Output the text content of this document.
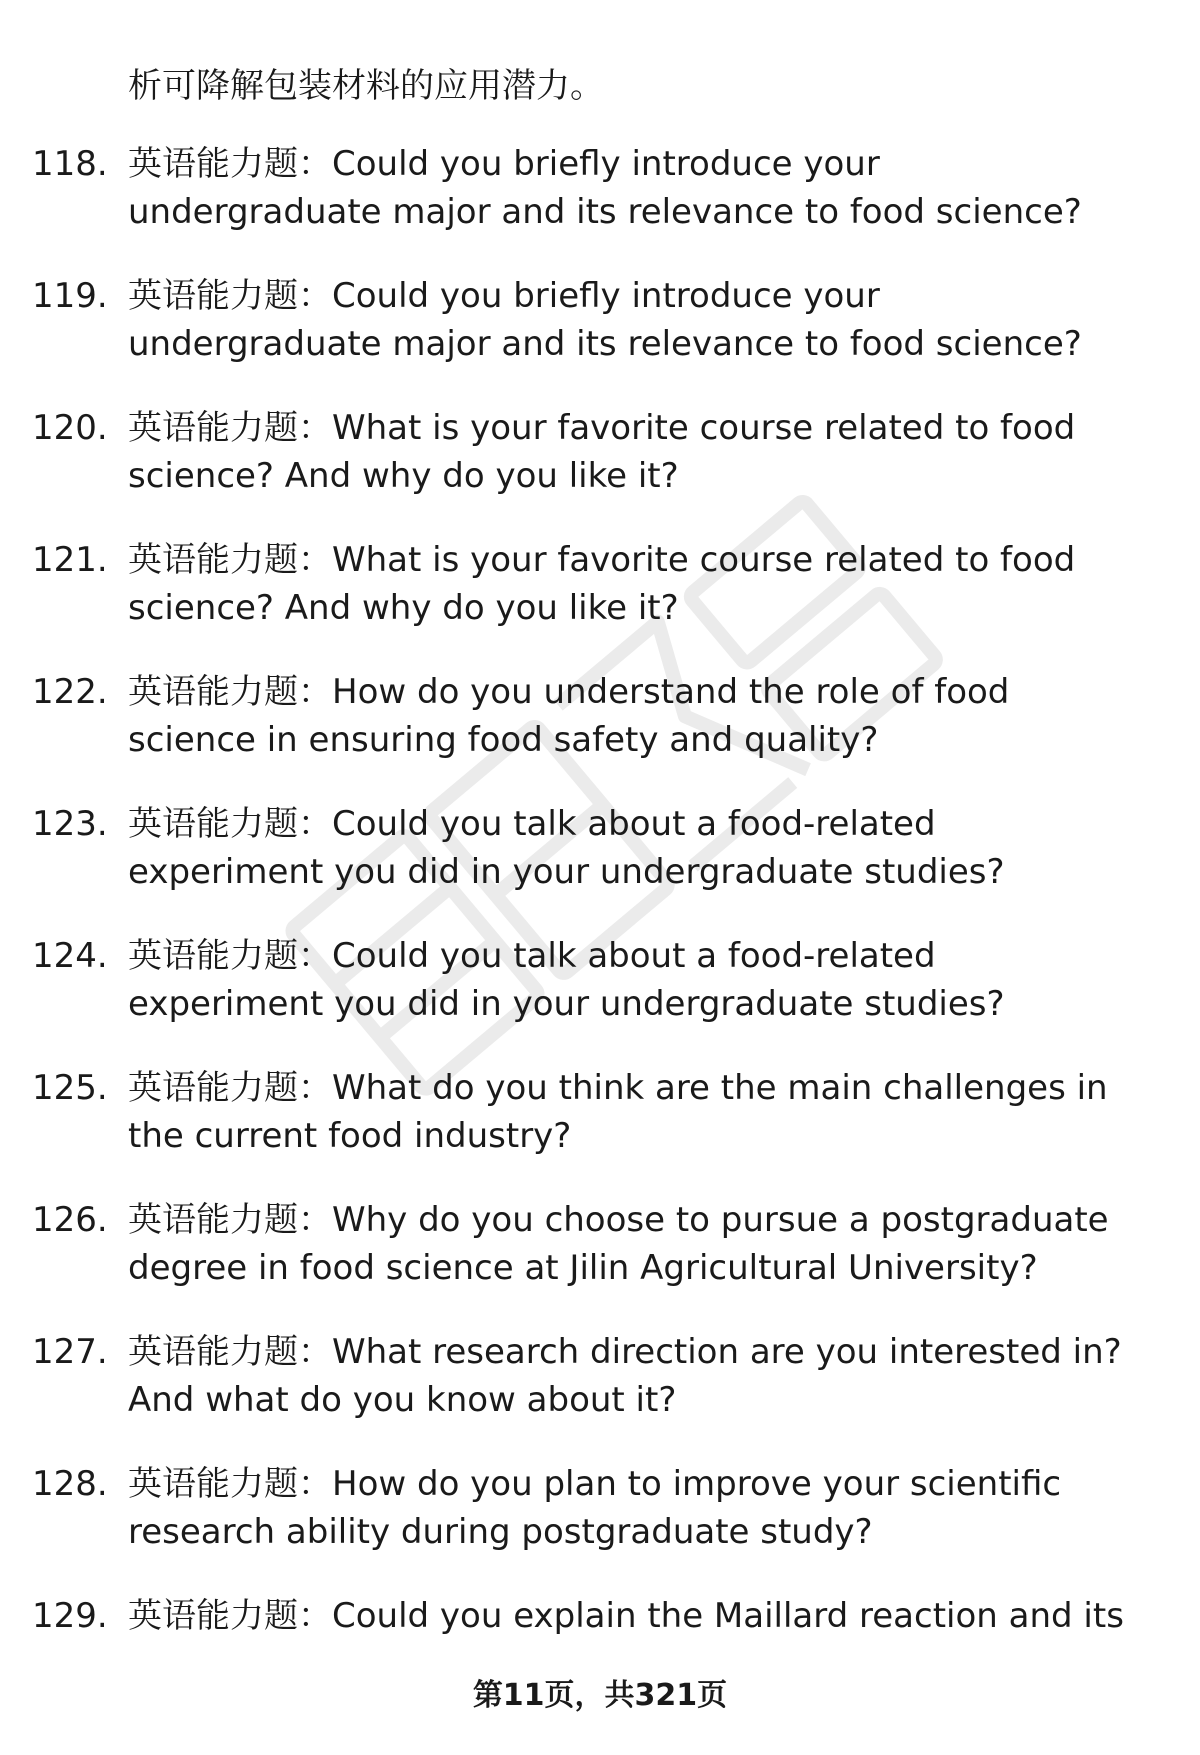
析可降解包装材料的应用潜力。
118. 英语能力题：Could you briefly introduce your
undergraduate major and its relevance to food science?
119. 英语能力题：Could you briefly introduce your
undergraduate major and its relevance to food science?
120. 英语能力题：What is your favorite course related to food
science? And why do you like it?
121. 英语能力题：What is your favorite course related to food
science? And why do you like it?
122. 英语能力题：How do you understand the role of food
science in ensuring food safety and quality?
123. 英语能力题：Could you talk about a food-related
experiment you did in your undergraduate studies?
124. 英语能力题：Could you talk about a food-related
experiment you did in your undergraduate studies?
125. 英语能力题：What do you think are the main challenges in
the current food industry?
126. 英语能力题：Why do you choose to pursue a postgraduate
degree in food science at Jilin Agricultural University?
127. 英语能力题：What research direction are you interested in?
And what do you know about it?
128. 英语能力题：How do you plan to improve your scientific
research ability during postgraduate study?
129. 英语能力题：Could you explain the Maillard reaction and its
第11页，共321页
